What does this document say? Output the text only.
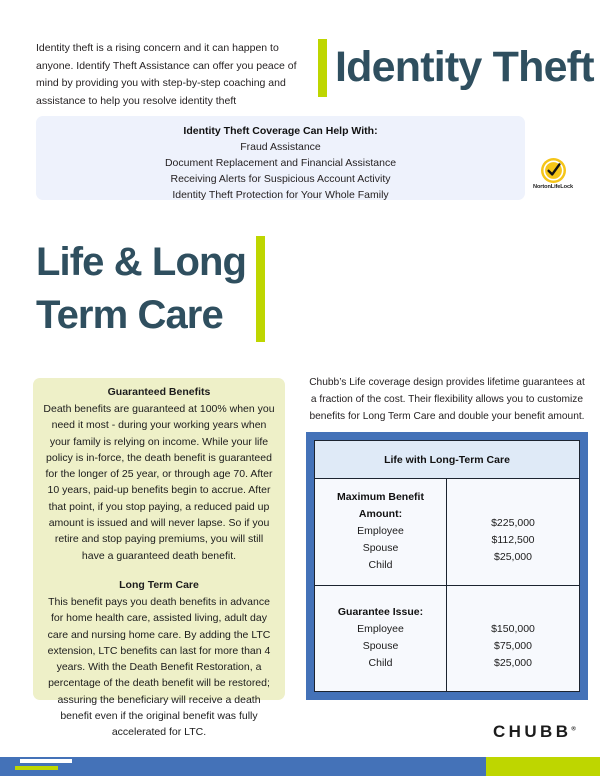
Identity theft is a rising concern and it can happen to anyone. Identify Theft Assistance can offer you peace of mind by providing you with step-by-step coaching and assistance to help you resolve identity theft
Identity Theft
Identity Theft Coverage Can Help With:
Fraud Assistance
Document Replacement and Financial Assistance
Receiving Alerts for Suspicious Account Activity
Identity Theft Protection for Your Whole Family
NortonLifeLock
Life & Long
Term Care
Guaranteed Benefits
Death benefits are guaranteed at 100% when you need it most - during your working years when your family is relying on income. While your life policy is in-force, the death benefit is guaranteed for the longer of 25 year, or through age 70. After 10 years, paid-up benefits begin to accrue. After that point, if you stop paying, a reduced paid up amount is issued and will never lapse. So if you retire and stop paying premiums, you will still have a guaranteed death benefit.
Long Term Care
This benefit pays you death benefits in advance for home health care, assisted living, adult day care and nursing home care. By adding the LTC extension, LTC benefits can last for more than 4 years. With the Death Benefit Restoration, a percentage of the death benefit will be restored; assuring the beneficiary will receive a death benefit even if the original benefit was fully accelerated for LTC.
Chubb’s Life coverage design provides lifetime guarantees at a fraction of the cost. Their flexibility allows you to customize benefits for Long Term Care and double your benefit amount.
Life with Long-Term Care
Maximum Benefit Amount:
Employee
Spouse
Child
$225,000
$112,500
$25,000
Guarantee Issue:
Employee
Spouse
Child
$150,000
$75,000
$25,000
CHUBB®
